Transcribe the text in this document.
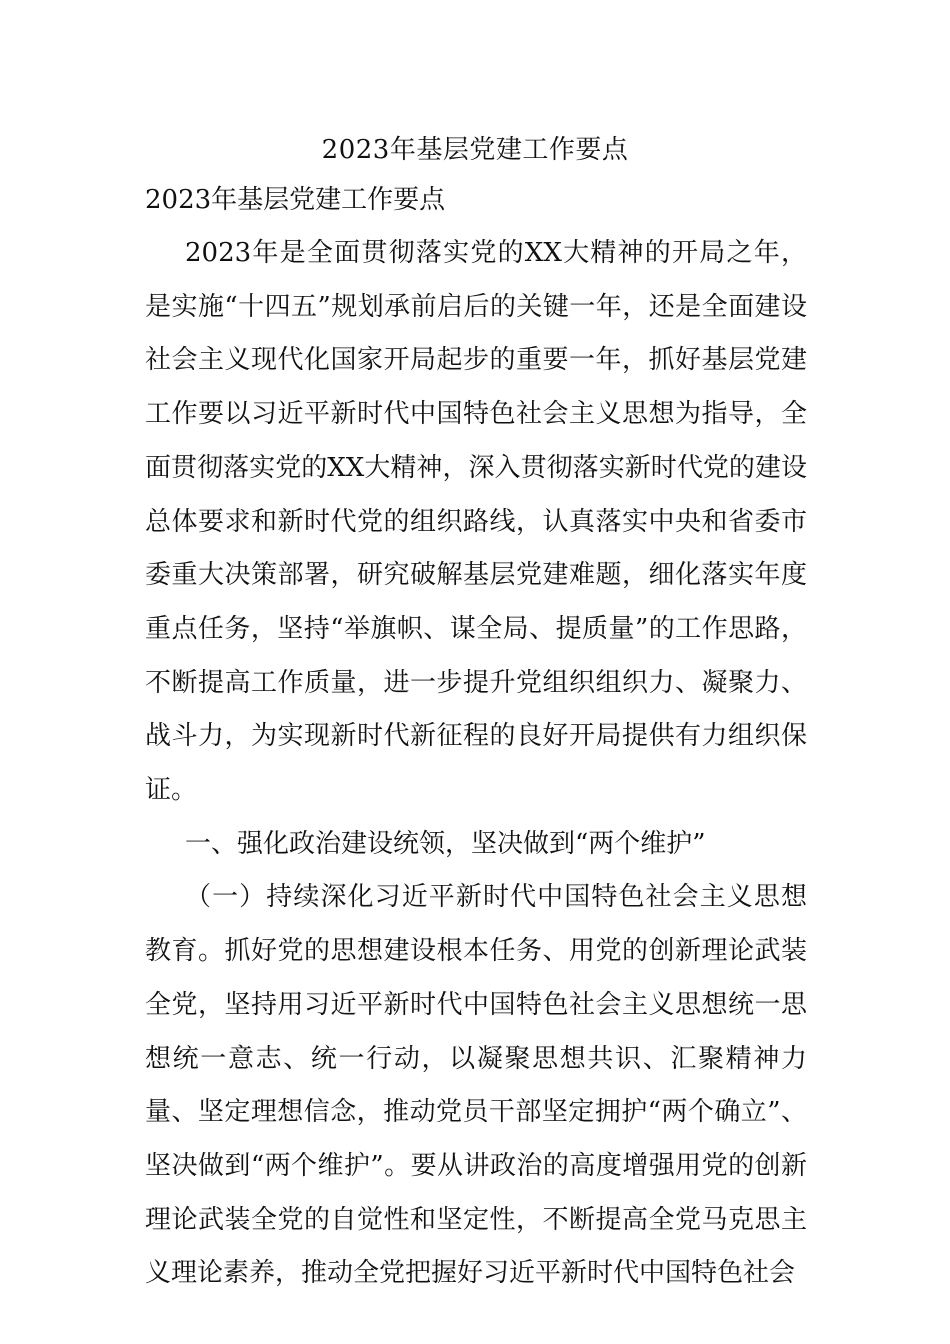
2023年基层党建工作要点
2023年基层党建工作要点

2023年是全面贯彻落实党的XX大精神的开局之年，是实施“十四五”规划承前启后的关键一年，还是全面建设社会主义现代化国家开局起步的重要一年，抓好基层党建工作要以习近平新时代中国特色社会主义思想为指导，全面贯彻落实党的XX大精神，深入贯彻落实新时代党的建设总体要求和新时代党的组织路线，认真落实中央和省委市委重大决策部署，研究破解基层党建难题，细化落实年度重点任务，坚持“举旗帜、谋全局、提质量”的工作思路，不断提高工作质量，进一步提升党组织组织力、凝聚力、战斗力，为实现新时代新征程的良好开局提供有力组织保证。

一、强化政治建设统领，坚决做到“两个维护”

（一）持续深化习近平新时代中国特色社会主义思想教育。抓好党的思想建设根本任务、用党的创新理论武装全党，坚持用习近平新时代中国特色社会主义思想统一思想统一意志、统一行动，以凝聚思想共识、汇聚精神力量、坚定理想信念，推动党员干部坚定拥护“两个确立”、坚决做到“两个维护”。要从讲政治的高度增强用党的创新理论武装全党的自觉性和坚定性，不断提高全党马克思主义理论素养，推动全党把握好习近平新时代中国特色社会
